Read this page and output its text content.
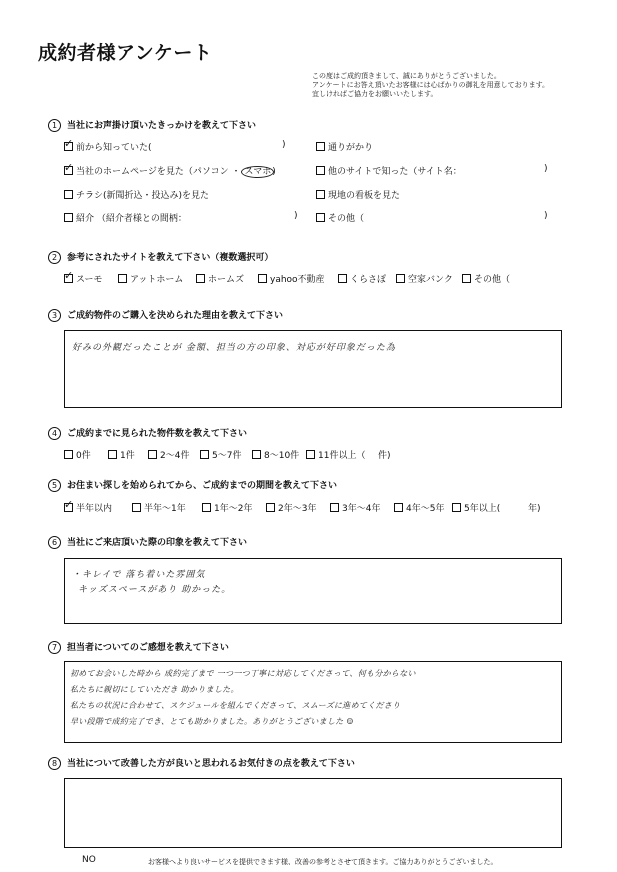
成約者様アンケート
この度はご成約頂きまして、誠にありがとうございました。
アンケートにお答え頂いたお客様には心ばかりの御礼を用意しております。
宜しければご協力をお願いいたします。
1 当社にお声掛け頂いたきっかけを教えて下さい
✓前から知っていた(	)	通りがかり
✓当社のホームページを見た（パソコン ・ スマホ)	他のサイトで知った（サイト名：	)
チラシ(新聞折込・投込み)を見た	現地の看板を見た
紹介 （紹介者様との間柄：	)	その他（	)
2 参考にされたサイトを教えて下さい（複数選択可）
✓スーモ	アットホーム	ホームズ	yahoo不動産	くらさぽ	空家バンク	その他（
3 ご成約物件のご購入を決められた理由を教えて下さい
好みの外観だったことが 金額、担当の方の印象、対応が好印象だった為
4 ご成約までに見られた物件数を教えて下さい
0件	1件	2～4件	5～7件	8～10件	11件以上（ 件)
5 お住まい探しを始められてから、ご成約までの期間を教えて下さい
✓半年以内	半年～1年	1年～2年	2年～3年	3年～4年	4年～5年	5年以上(	年)
6 当社にご来店頂いた際の印象を教えて下さい
・キレイで 落ち着いた雰囲気
キッズスペースがあり 助かった。
7 担当者についてのご感想を教えて下さい
初めてお会いした時から 成約完了まで 一つ一つ丁寧に対応してくださって、何も分からない
私たちに親切にしていただき 助かりました。
私たちの状況に合わせて、スケジュールを組んでくださって、スムーズに進めてくださり
早い段階で成約完了でき、とても助かりました。ありがとうございました ☺
8 当社について改善した方が良いと思われるお気付きの点を教えて下さい
NO	お客様へより良いサービスを提供できます様、改善の参考とさせて頂きます。ご協力ありがとうございました。
